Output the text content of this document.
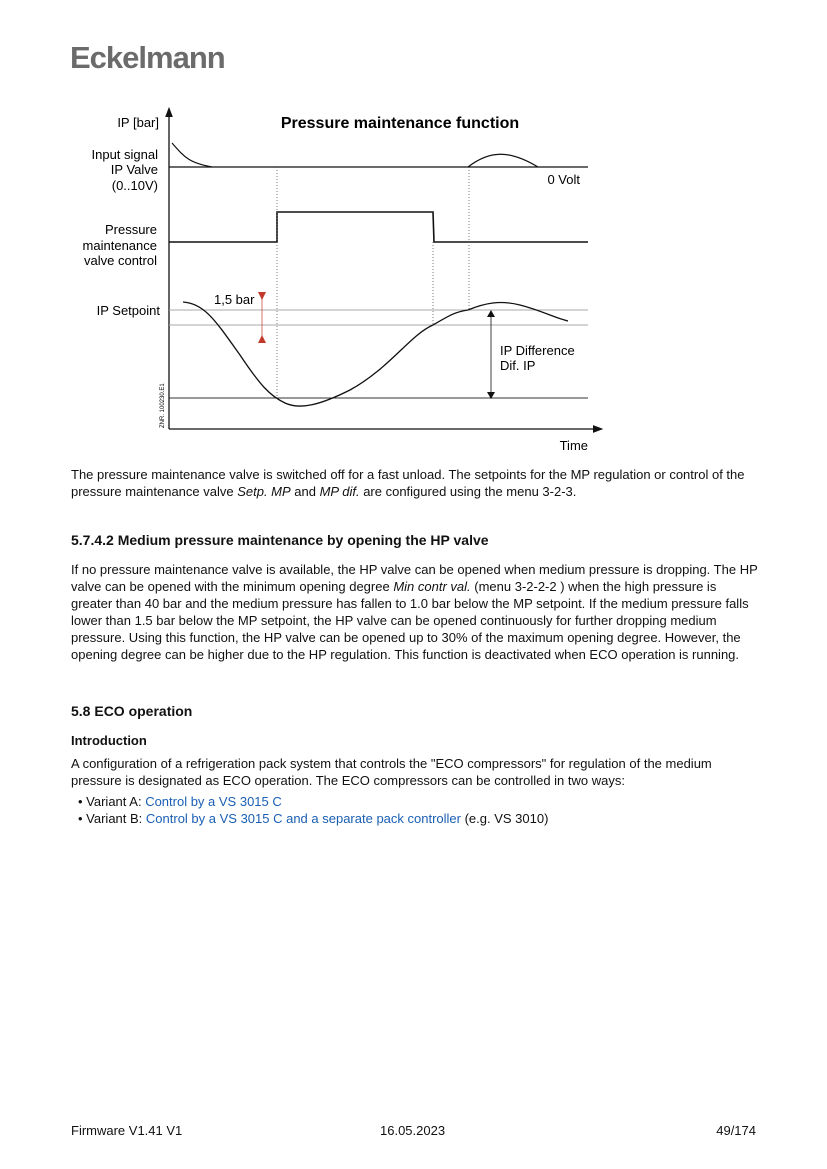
Eckelmann
IP [bar]
Time
Pressure maintenance function
Input signal
IP Valve
(0..10V)
Pressure
maintenance
valve control
IP Setpoint
0 Volt
1,5 bar
IP Difference
Dif. IP
ZNR. 100230.E1

The pressure maintenance valve is switched off for a fast unload. The setpoints for the MP regulation or control of the pressure maintenance valve Setp. MP and MP dif. are configured using the menu 3-2-3.

5.7.4.2 Medium pressure maintenance by opening the HP valve

If no pressure maintenance valve is available, the HP valve can be opened when medium pressure is dropping. The HP valve can be opened with the minimum opening degree Min contr val. (menu 3-2-2-2 ) when the high pressure is greater than 40 bar and the medium pressure has fallen to 1.0 bar below the MP setpoint. If the medium pressure falls lower than 1.5 bar below the MP setpoint, the HP valve can be opened continuously for further dropping medium pressure. Using this function, the HP valve can be opened up to 30% of the maximum opening degree. However, the opening degree can be higher due to the HP regulation. This function is deactivated when ECO operation is running.

5.8 ECO operation
Introduction

A configuration of a refrigeration pack system that controls the "ECO compressors" for regulation of the medium pressure is designated as ECO operation. The ECO compressors can be controlled in two ways:

• Variant A: Control by a VS 3015 C
• Variant B: Control by a VS 3015 C and a separate pack controller (e.g. VS 3010)
Firmware V1.41 V1	16.05.2023	49/174
